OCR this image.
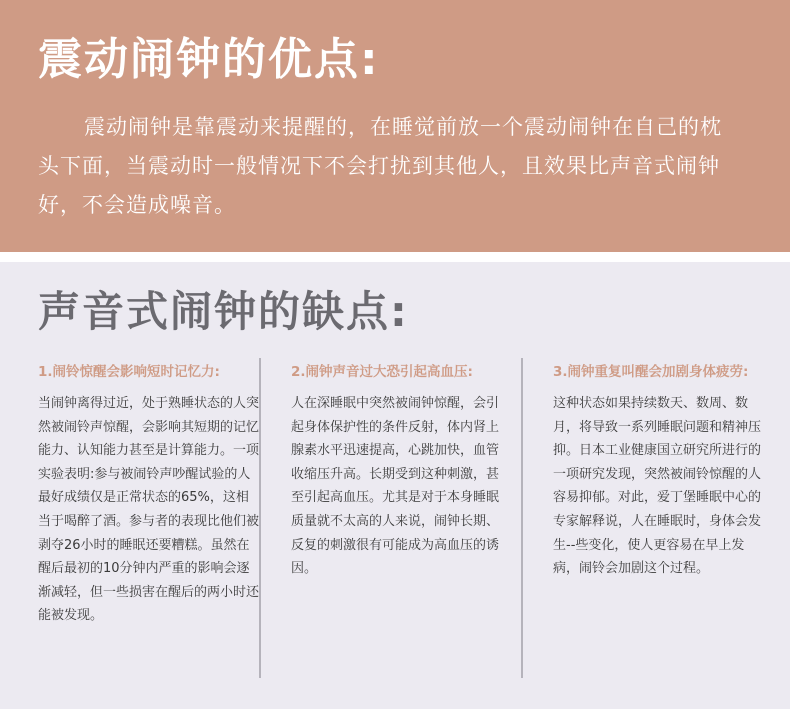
震动闹钟的优点:
震动闹钟是靠震动来提醒的，在睡觉前放一个震动闹钟在自己的枕头下面，当震动时一般情况下不会打扰到其他人，且效果比声音式闹钟好，不会造成噪音。
声音式闹钟的缺点:
1.闹铃惊醒会影响短时记忆力:
当闹钟离得过近，处于熟睡状态的人突然被闹铃声惊醒，会影响其短期的记忆能力、认知能力甚至是计算能力。一项实验表明:参与被闹铃声吵醒试验的人最好成绩仅是正常状态的65%，这相当于喝醉了酒。参与者的表现比他们被剥夺26小时的睡眠还要糟糕。虽然在醒后最初的10分钟内严重的影响会逐渐减轻，但一些损害在醒后的两小时还能被发现。
2.闹钟声音过大恐引起高血压:
人在深睡眠中突然被闹钟惊醒，会引起身体保护性的条件反射，体内肾上腺素水平迅速提高，心跳加快，血管收缩压升高。长期受到这种刺激，甚至引起高血压。尤其是对于本身睡眠质量就不太高的人来说，闹钟长期、反复的刺激很有可能成为高血压的诱因。
3.闹钟重复叫醒会加剧身体疲劳:
这种状态如果持续数天、数周、数月，将导致一系列睡眠问题和精神压抑。日本工业健康国立研究所进行的一项研究发现，突然被闹铃惊醒的人容易抑郁。对此，爱丁堡睡眠中心的专家解释说，人在睡眠时，身体会发生--些变化，使人更容易在早上发病，闹铃会加剧这个过程。
